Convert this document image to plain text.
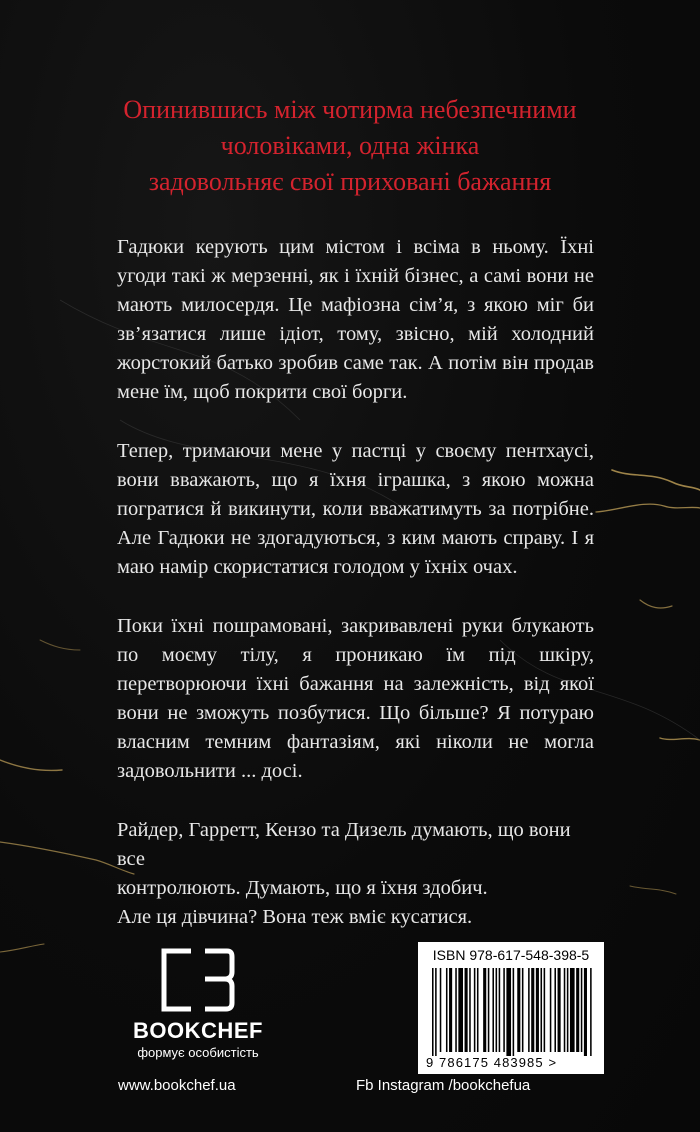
Опинившись між чотирма небезпечними
чоловіками, одна жінка
задовольняє свої приховані бажання

Гадюки керують цим містом і всіма в ньому. Їхні угоди такі ж мерзенні, як і їхній бізнес, а самі вони не мають милосердя. Це мафіозна сім’я, з якою міг би зв’язатися лише ідіот, тому, звісно, мій холодний жорстокий батько зробив саме так. А потім він продав мене їм, щоб покрити свої борги.

Тепер, тримаючи мене у пастці у своєму пентхаусі, вони вважають, що я їхня іграшка, з якою можна погратися й викинути, коли вважатимуть за потрібне. Але Гадюки не здогадуються, з ким мають справу. І я маю намір скористатися голодом у їхніх очах.

Поки їхні пошрамовані, закривавлені руки блукають по моєму тілу, я проникаю їм під шкіру, перетворюючи їхні бажання на залежність, від якої вони не зможуть позбутися. Що більше? Я потураю власним темним фантазіям, які ніколи не могла задовольнити ... досі.

Райдер, Гарретт, Кензо та Дизель думають, що вони все
контролюють. Думають, що я їхня здобич.
Але ця дівчина? Вона теж вміє кусатися.

BOOKCHEF
формує особистість
ISBN 978-617-548-398-5
9 786175 483985 >
www.bookchef.ua	Fb Instagram /bookchefua
